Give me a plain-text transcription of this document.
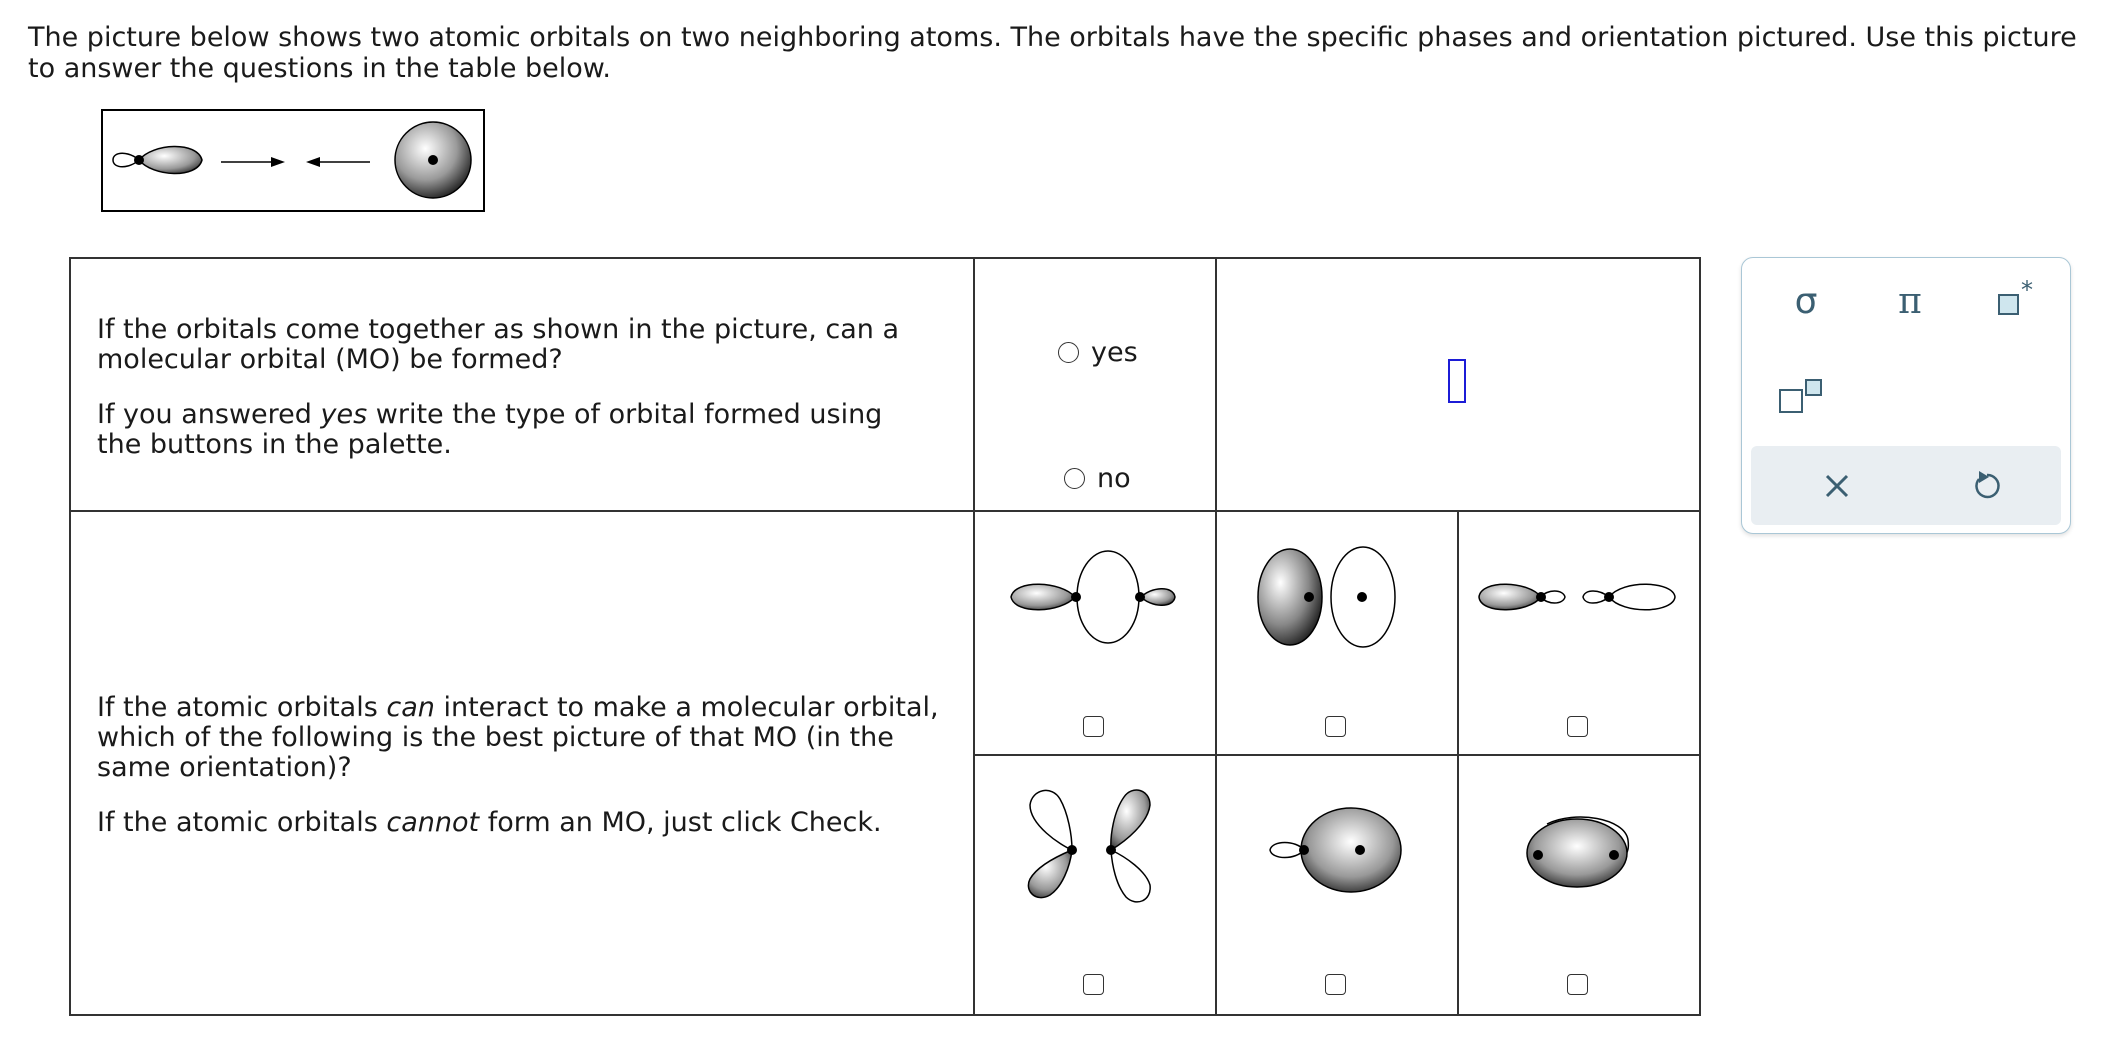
The picture below shows two atomic orbitals on two neighboring atoms. The orbitals have the specific phases and orientation pictured. Use this picture to answer the questions in the table below.

If the orbitals come together as shown in the picture, can a molecular orbital (MO) be formed?

If you answered yes write the type of orbital formed using the buttons in the palette.

yes
no

If the atomic orbitals can interact to make a molecular orbital, which of the following is the best picture of that MO (in the same orientation)?

If the atomic orbitals cannot form an MO, just click Check.

σ π	*
